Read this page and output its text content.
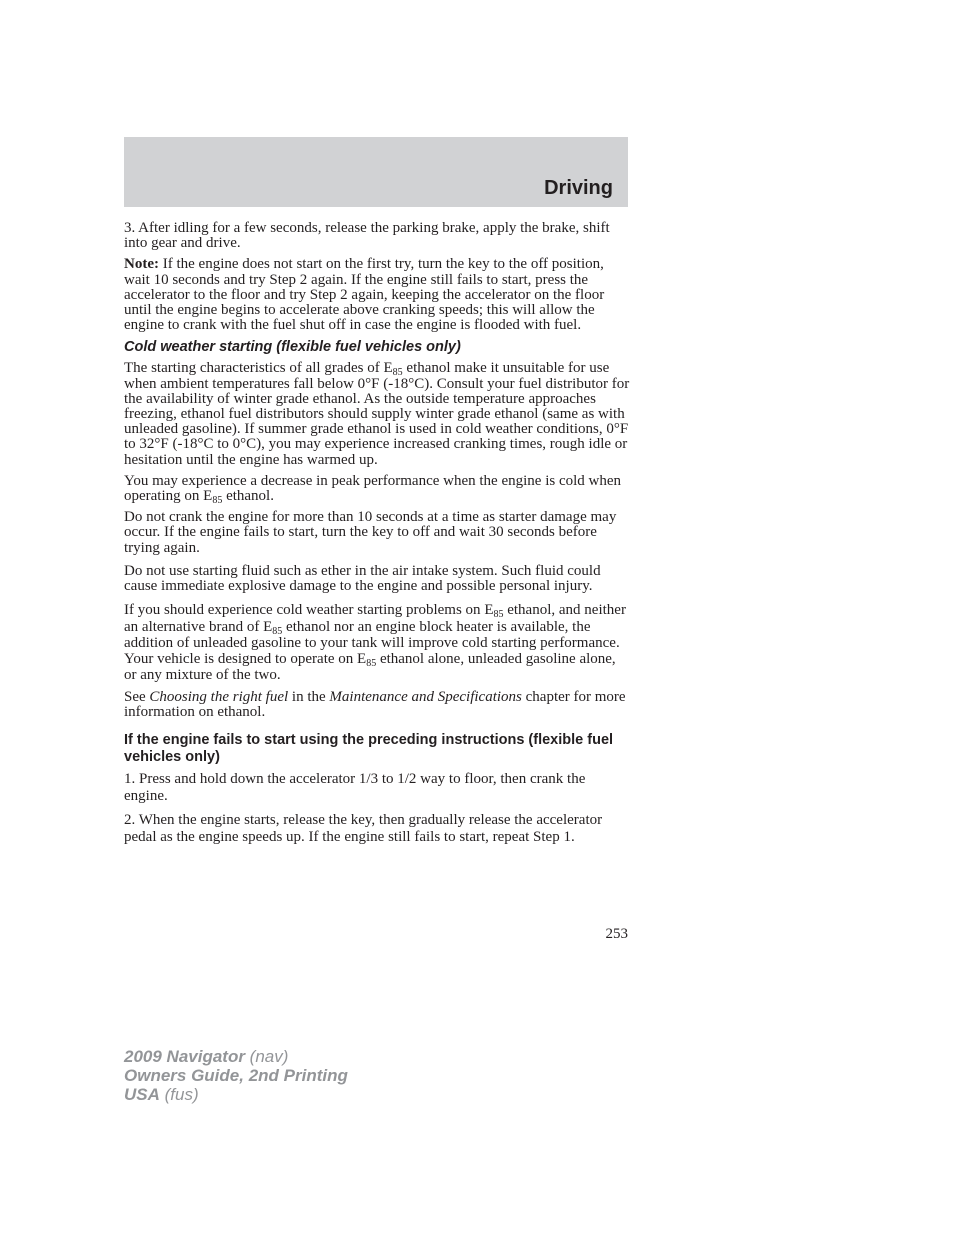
Driving

3. After idling for a few seconds, release the parking brake, apply the brake, shift into gear and drive.

Note: If the engine does not start on the first try, turn the key to the off position, wait 10 seconds and try Step 2 again. If the engine still fails to start, press the accelerator to the floor and try Step 2 again, keeping the accelerator on the floor until the engine begins to accelerate above cranking speeds; this will allow the engine to crank with the fuel shut off in case the engine is flooded with fuel.

Cold weather starting (flexible fuel vehicles only)

The starting characteristics of all grades of $E_{85}$ ethanol make it unsuitable for use when ambient temperatures fall below 0°F (-18°C). Consult your fuel distributor for the availability of winter grade ethanol. As the outside temperature approaches freezing, ethanol fuel distributors should supply winter grade ethanol (same as with unleaded gasoline). If summer grade ethanol is used in cold weather conditions, 0°F to 32°F (-18°C to 0°C), you may experience increased cranking times, rough idle or hesitation until the engine has warmed up.

You may experience a decrease in peak performance when the engine is cold when operating on $E_{85}$ ethanol.

Do not crank the engine for more than 10 seconds at a time as starter damage may occur. If the engine fails to start, turn the key to off and wait 30 seconds before trying again.

Do not use starting fluid such as ether in the air intake system. Such fluid could cause immediate explosive damage to the engine and possible personal injury.

If you should experience cold weather starting problems on $E_{85}$ ethanol, and neither an alternative brand of $E_{85}$ ethanol nor an engine block heater is available, the addition of unleaded gasoline to your tank will improve cold starting performance. Your vehicle is designed to operate on $E_{85}$ ethanol alone, unleaded gasoline alone, or any mixture of the two.

See Choosing the right fuel in the Maintenance and Specifications chapter for more information on ethanol.

If the engine fails to start using the preceding instructions (flexible fuel vehicles only)

1. Press and hold down the accelerator 1/3 to 1/2 way to floor, then crank the engine.

2. When the engine starts, release the key, then gradually release the accelerator pedal as the engine speeds up. If the engine still fails to start, repeat Step 1.

253
2009 Navigator (nav)
Owners Guide, 2nd Printing
USA (fus)
